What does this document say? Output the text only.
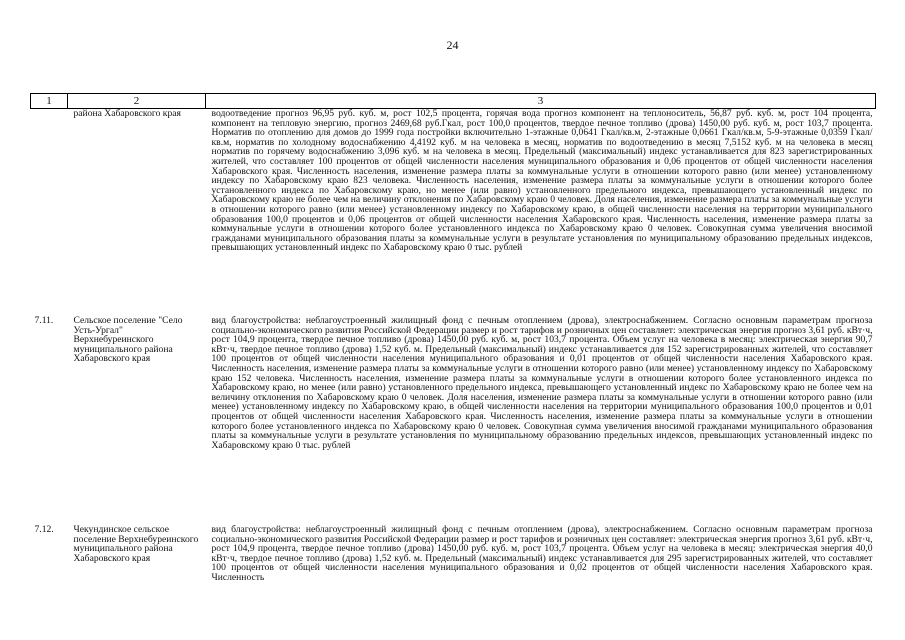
24
1	2	3
	района Хабаровского края	водоотведение прогноз 96,95 руб. куб. м, рост 102,5 процента, горячая вода прогноз компонент на теплоноситель, 56,87 руб. куб. м, рост 104 процента, компонент на тепловую энергию, прогноз 2469,68 руб.Гкал, рост 100,0 процентов, твердое печное топливо (дрова) 1450,00 руб. куб. м, рост 103,7 процента. Норматив по отоплению для домов до 1999 года постройки включительно 1-этажные 0,0641 Гкал/кв.м, 2-этажные 0,0661 Гкал/кв.м, 5-9-этажные 0,0359 Гкал/кв.м, норматив по холодному водоснабжению 4,4192 куб. м на человека в месяц, норматив по водоотведению в месяц 7,5152 куб. м на человека в месяц норматив по горячему водоснабжению 3,096 куб. м на человека в месяц. Предельный (максимальный) индекс устанавливается для 823 зарегистрированных жителей, что составляет 100 процентов от общей численности населения муниципального образования и 0,06 процентов от общей численности населения Хабаровского края. Численность населения, изменение размера платы за коммунальные услуги в отношении которого равно (или менее) установленному индексу по Хабаровскому краю 823 человека. Численность населения, изменение размера платы за коммунальные услуги в отношении которого более установленного индекса по Хабаровскому краю, но менее (или равно) установленного предельного индекса, превышающего установленный индекс по Хабаровскому краю не более чем на величину отклонения по Хабаровскому краю 0 человек. Доля населения, изменение размера платы за коммунальные услуги в отношении которого равно (или менее) установленному индексу по Хабаровскому краю, в общей численности населения на территории муниципального образования 100,0 процентов и 0,06 процентов от общей численности населения Хабаровского края. Численность населения, изменение размера платы за коммунальные услуги в отношении которого более установленного индекса по Хабаровскому краю 0 человек. Совокупная сумма увеличения вносимой гражданами муниципального образования платы за коммунальные услуги в результате установления по муниципальному образованию предельных индексов, превышающих установленный индекс по Хабаровскому краю 0 тыс. рублей
7.11.	Сельское поселение "Село Усть-Ургал" Верхнебуреинского муниципального района Хабаровского края	вид благоустройства: неблагоустроенный жилищный фонд с печным отоплением (дрова), электроснабжением. Согласно основным параметрам прогноза социально-экономического развития Российской Федерации размер и рост тарифов и розничных цен составляет: электрическая энергия прогноз 3,61 руб. кВт·ч, рост 104,9 процента, твердое печное топливо (дрова) 1450,00 руб. куб. м, рост 103,7 процента. Объем услуг на человека в месяц: электрическая энергия 90,7 кВт·ч, твердое печное топливо (дрова) 1,52 куб. м. Предельный (максимальный) индекс устанавливается для 152 зарегистрированных жителей, что составляет 100 процентов от общей численности населения муниципального образования и 0,01 процентов от общей численности населения Хабаровского края. Численность населения, изменение размера платы за коммунальные услуги в отношении которого равно (или менее) установленному индексу по Хабаровскому краю 152 человека. Численность населения, изменение размера платы за коммунальные услуги в отношении которого более установленного индекса по Хабаровскому краю, но менее (или равно) установленного предельного индекса, превышающего установленный индекс по Хабаровскому краю не более чем на величину отклонения по Хабаровскому краю 0 человек. Доля населения, изменение размера платы за коммунальные услуги в отношении которого равно (или менее) установленному индексу по Хабаровскому краю, в общей численности населения на территории муниципального образования 100,0 процентов и 0,01 процентов от общей численности населения Хабаровского края. Численность населения, изменение размера платы за коммунальные услуги в отношении которого более установленного индекса по Хабаровскому краю 0 человек. Совокупная сумма увеличения вносимой гражданами муниципального образования платы за коммунальные услуги в результате установления по муниципальному образованию предельных индексов, превышающих установленный индекс по Хабаровскому краю 0 тыс. рублей
7.12.	Чекундинское сельское поселение Верхнебуреинского муниципального района Хабаровского края	вид благоустройства: неблагоустроенный жилищный фонд с печным отоплением (дрова), электроснабжением. Согласно основным параметрам прогноза социально-экономического развития Российской Федерации размер и рост тарифов и розничных цен составляет: электрическая энергия прогноз 3,61 руб. кВт·ч, рост 104,9 процента, твердое печное топливо (дрова) 1450,00 руб. куб. м, рост 103,7 процента. Объем услуг на человека в месяц: электрическая энергия 40,0 кВт·ч, твердое печное топливо (дрова) 1,52 куб. м. Предельный (максимальный) индекс устанавливается для 295 зарегистрированных жителей, что составляет 100 процентов от общей численности населения муниципального образования и 0,02 процентов от общей численности населения Хабаровского края. Численность
